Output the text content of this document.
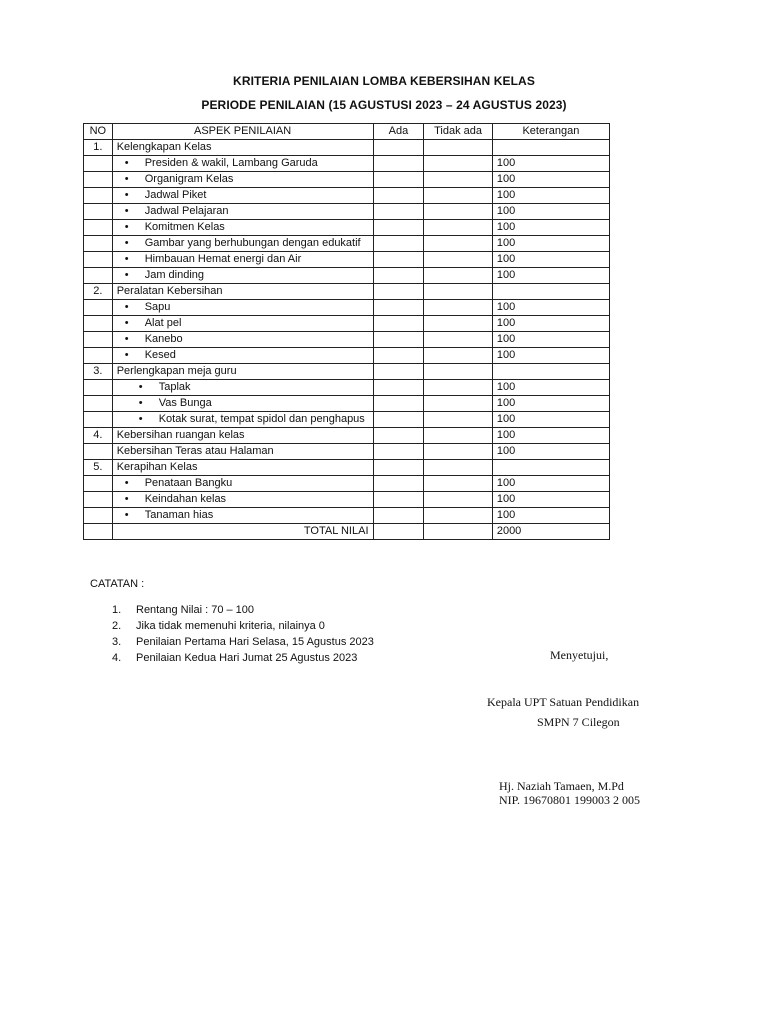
KRITERIA PENILAIAN LOMBA KEBERSIHAN KELAS
PERIODE PENILAIAN (15 AGUSTUSI 2023 – 24 AGUSTUS 2023)
NO	ASPEK PENILAIAN	Ada	Tidak ada	Keterangan
1.	Kelengkapan Kelas			

	• Presiden & wakil, Lambang Garuda			100

	• Organigram Kelas			100

	• Jadwal Piket			100

	• Jadwal Pelajaran			100

	• Komitmen Kelas			100

	• Gambar yang berhubungan dengan edukatif			100

	• Himbauan Hemat energi dan Air			100

	• Jam dinding			100
2.	Peralatan Kebersihan			

	• Sapu			100

	• Alat pel			100

	• Kanebo			100

	• Kesed			100
3.	Perlengkapan meja guru			

	• Taplak			100

	• Vas Bunga			100

	• Kotak surat, tempat spidol dan penghapus			100
4.	Kebersihan ruangan kelas			100
	Kebersihan Teras atau Halaman			100
5.	Kerapihan Kelas			

	• Penataan Bangku			100

	• Keindahan kelas			100

	• Tanaman hias			100
	TOTAL NILAI			2000
CATATAN :
1. Rentang Nilai : 70 – 100
2. Jika tidak memenuhi kriteria, nilainya 0
3. Penilaian Pertama Hari Selasa, 15 Agustus 2023
4. Penilaian Kedua Hari Jumat 25 Agustus 2023	Menyetujui,
Kepala UPT Satuan Pendidikan
SMPN 7 Cilegon
Hj. Naziah Tamaen, M.Pd
NIP. 19670801 199003 2 005
